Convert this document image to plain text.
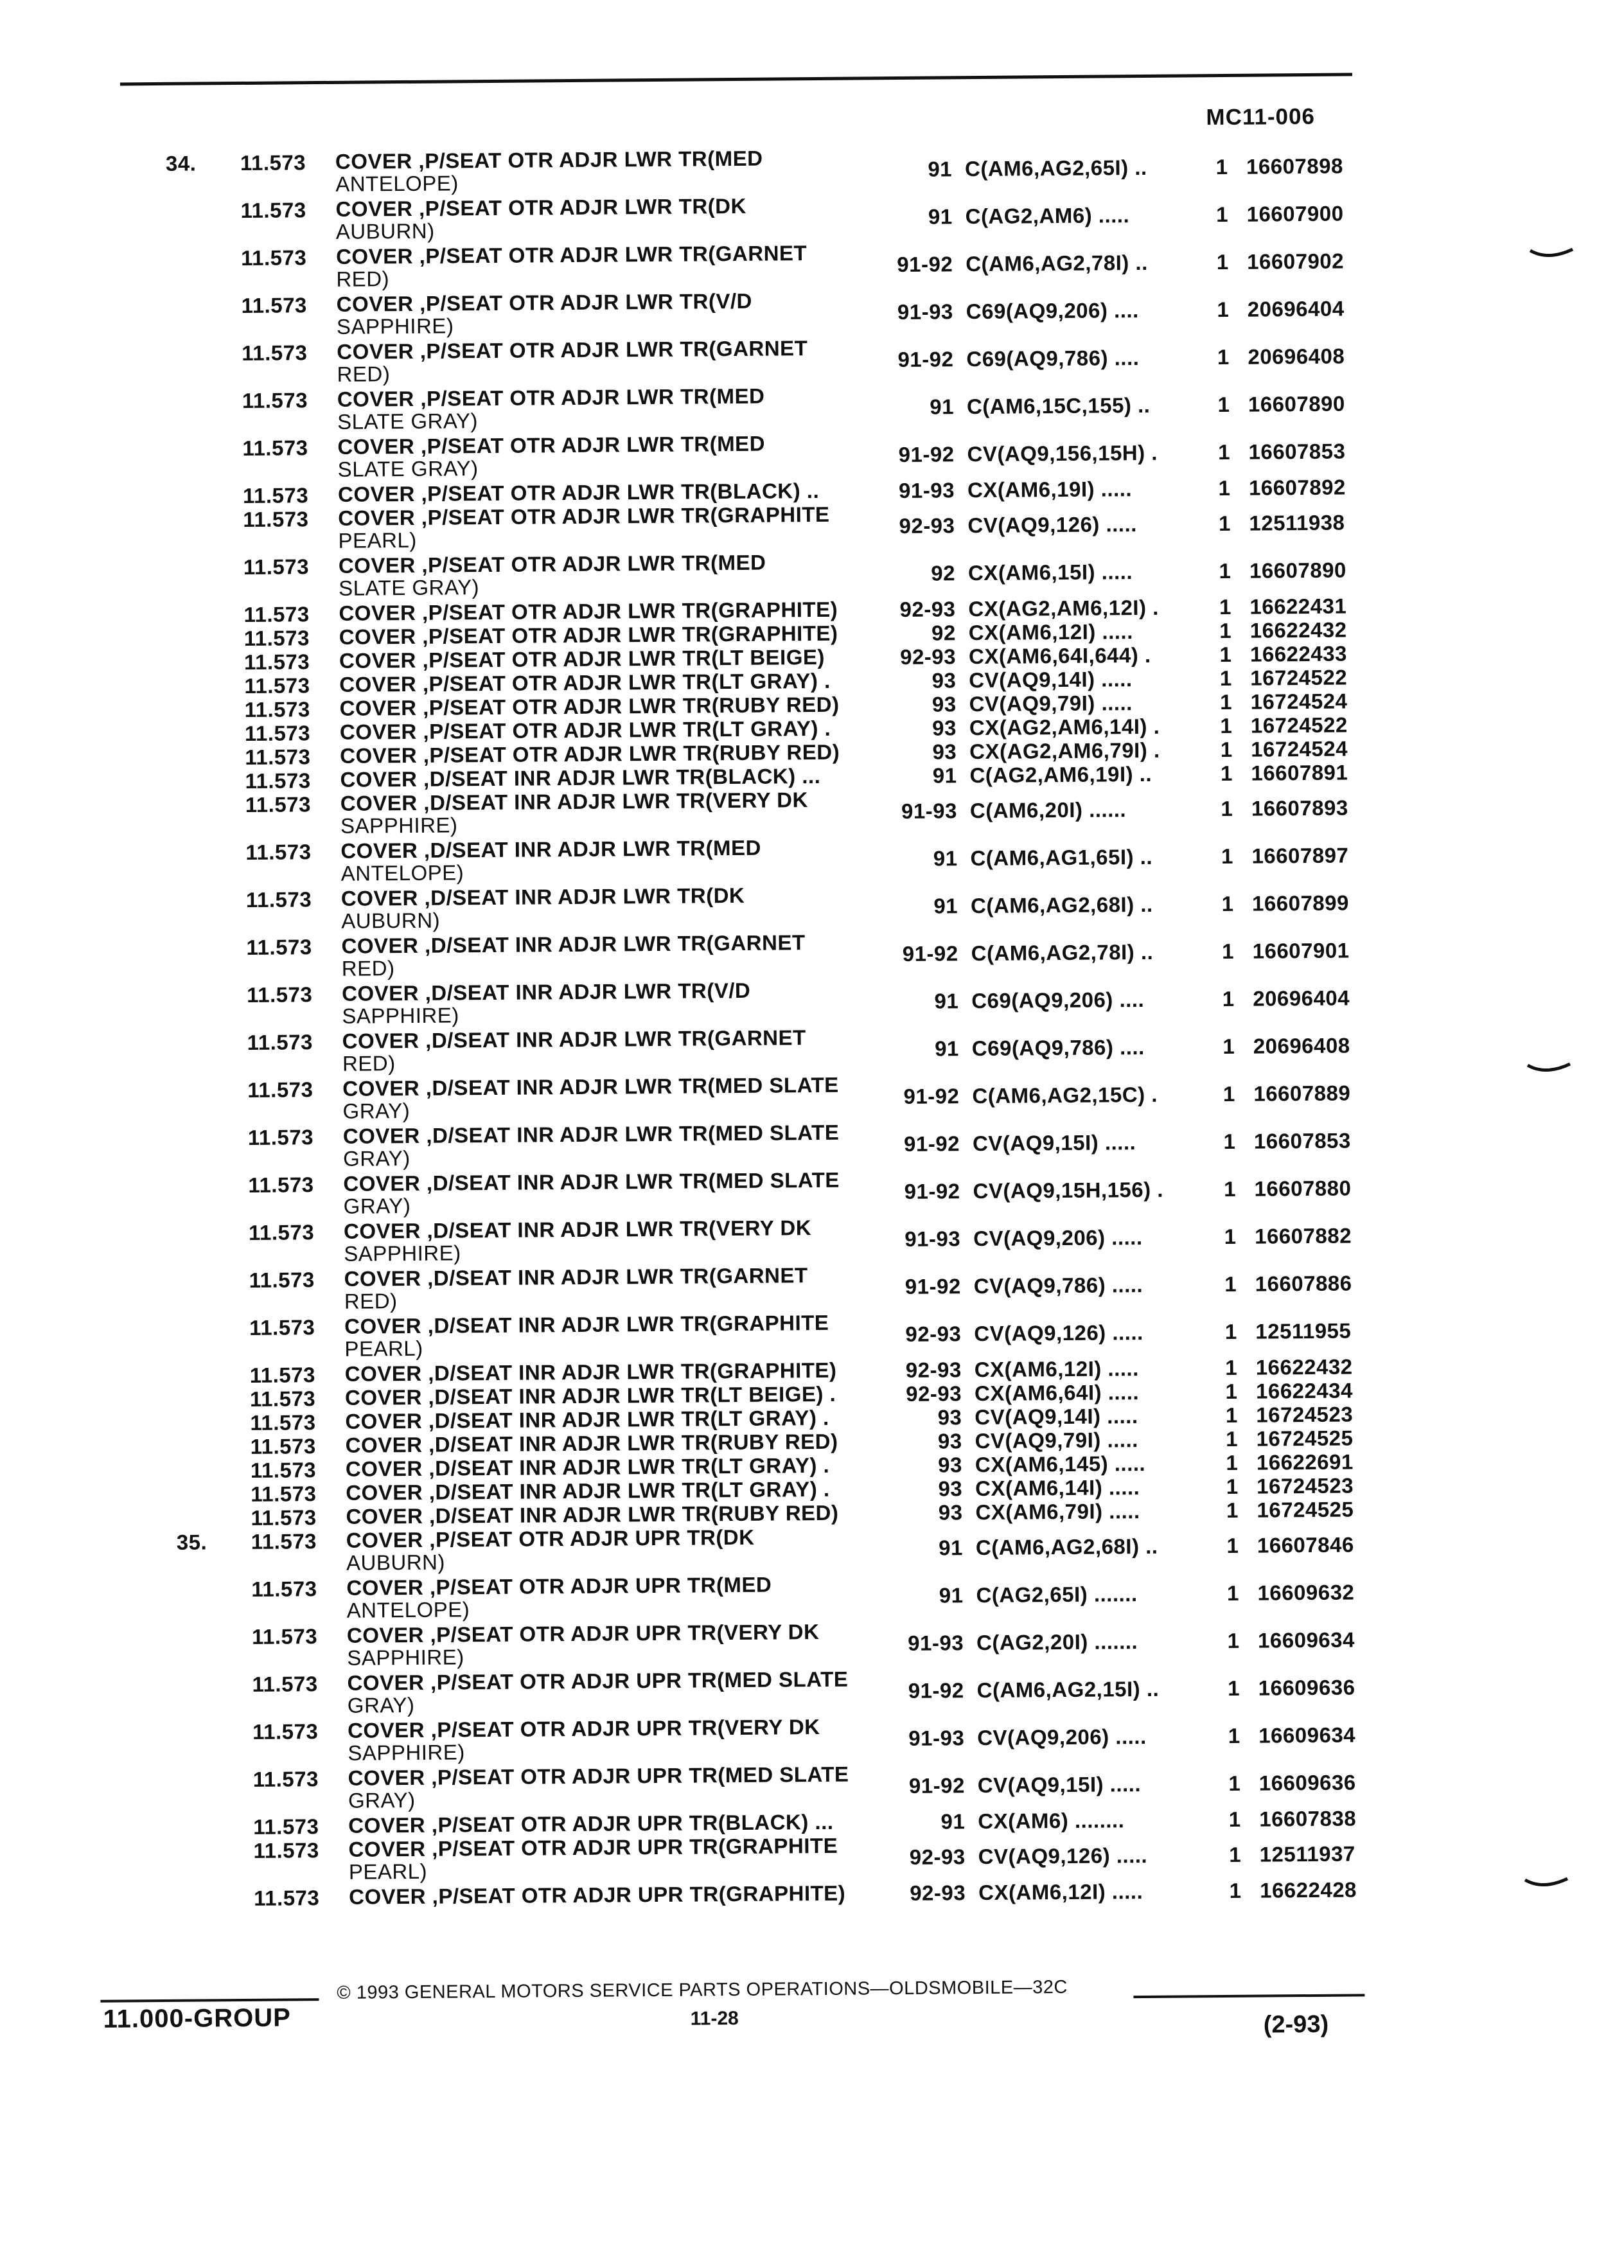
MC11-006
34. 11.573 COVER ,P/SEAT OTR ADJR LWR TR(MED
ANTELOPE)
91 C(AM6,AG2,65I) ..	1 16607898
11.573 COVER ,P/SEAT OTR ADJR LWR TR(DK
AUBURN)
91 C(AG2,AM6) .....	1 16607900
11.573 COVER ,P/SEAT OTR ADJR LWR TR(GARNET
RED)
91-92 C(AM6,AG2,78I) ..	1 16607902
11.573 COVER ,P/SEAT OTR ADJR LWR TR(V/D
SAPPHIRE)
91-93 C69(AQ9,206) ....	1 20696404
11.573 COVER ,P/SEAT OTR ADJR LWR TR(GARNET
RED)
91-92 C69(AQ9,786) ....	1 20696408
11.573 COVER ,P/SEAT OTR ADJR LWR TR(MED
SLATE GRAY)
91 C(AM6,15C,155) ..	1 16607890
11.573 COVER ,P/SEAT OTR ADJR LWR TR(MED
SLATE GRAY)
91-92 CV(AQ9,156,15H) .	1 16607853
11.573 COVER ,P/SEAT OTR ADJR LWR TR(BLACK) ..	91-93 CX(AM6,19I) .....	1 16607892
11.573 COVER ,P/SEAT OTR ADJR LWR TR(GRAPHITE
PEARL)
92-93 CV(AQ9,126) .....	1 12511938
11.573 COVER ,P/SEAT OTR ADJR LWR TR(MED
SLATE GRAY)
92 CX(AM6,15I) .....	1 16607890
11.573 COVER ,P/SEAT OTR ADJR LWR TR(GRAPHITE)	92-93 CX(AG2,AM6,12I) .	1 16622431
11.573 COVER ,P/SEAT OTR ADJR LWR TR(GRAPHITE)	92 CX(AM6,12I) .....	1 16622432
11.573 COVER ,P/SEAT OTR ADJR LWR TR(LT BEIGE)	92-93 CX(AM6,64I,644) .	1 16622433
11.573 COVER ,P/SEAT OTR ADJR LWR TR(LT GRAY) .	93 CV(AQ9,14I) .....	1 16724522
11.573 COVER ,P/SEAT OTR ADJR LWR TR(RUBY RED)	93 CV(AQ9,79I) .....	1 16724524
11.573 COVER ,P/SEAT OTR ADJR LWR TR(LT GRAY) .	93 CX(AG2,AM6,14I) .	1 16724522
11.573 COVER ,P/SEAT OTR ADJR LWR TR(RUBY RED)	93 CX(AG2,AM6,79I) .	1 16724524
11.573 COVER ,D/SEAT INR ADJR LWR TR(BLACK) ...	91 C(AG2,AM6,19I) ..	1 16607891
11.573 COVER ,D/SEAT INR ADJR LWR TR(VERY DK
SAPPHIRE)
91-93 C(AM6,20I) ......	1 16607893
11.573 COVER ,D/SEAT INR ADJR LWR TR(MED
ANTELOPE)
91 C(AM6,AG1,65I) ..	1 16607897
11.573 COVER ,D/SEAT INR ADJR LWR TR(DK
AUBURN)
91 C(AM6,AG2,68I) ..	1 16607899
11.573 COVER ,D/SEAT INR ADJR LWR TR(GARNET
RED)
91-92 C(AM6,AG2,78I) ..	1 16607901
11.573 COVER ,D/SEAT INR ADJR LWR TR(V/D
SAPPHIRE)
91 C69(AQ9,206) ....	1 20696404
11.573 COVER ,D/SEAT INR ADJR LWR TR(GARNET
RED)
91 C69(AQ9,786) ....	1 20696408
11.573 COVER ,D/SEAT INR ADJR LWR TR(MED SLATE
GRAY)
91-92 C(AM6,AG2,15C) .	1 16607889
11.573 COVER ,D/SEAT INR ADJR LWR TR(MED SLATE
GRAY)
91-92 CV(AQ9,15I) .....	1 16607853
11.573 COVER ,D/SEAT INR ADJR LWR TR(MED SLATE
GRAY)
91-92 CV(AQ9,15H,156) .	1 16607880
11.573 COVER ,D/SEAT INR ADJR LWR TR(VERY DK
SAPPHIRE)
91-93 CV(AQ9,206) .....	1 16607882
11.573 COVER ,D/SEAT INR ADJR LWR TR(GARNET
RED)
91-92 CV(AQ9,786) .....	1 16607886
11.573 COVER ,D/SEAT INR ADJR LWR TR(GRAPHITE
PEARL)
92-93 CV(AQ9,126) .....	1 12511955
11.573 COVER ,D/SEAT INR ADJR LWR TR(GRAPHITE)	92-93 CX(AM6,12I) .....	1 16622432
11.573 COVER ,D/SEAT INR ADJR LWR TR(LT BEIGE) .	92-93 CX(AM6,64I) .....	1 16622434
11.573 COVER ,D/SEAT INR ADJR LWR TR(LT GRAY) .	93 CV(AQ9,14I) .....	1 16724523
11.573 COVER ,D/SEAT INR ADJR LWR TR(RUBY RED)	93 CV(AQ9,79I) .....	1 16724525
11.573 COVER ,D/SEAT INR ADJR LWR TR(LT GRAY) .	93 CX(AM6,145) .....	1 16622691
11.573 COVER ,D/SEAT INR ADJR LWR TR(LT GRAY) .	93 CX(AM6,14I) .....	1 16724523
11.573 COVER ,D/SEAT INR ADJR LWR TR(RUBY RED)	93 CX(AM6,79I) .....	1 16724525
35. 11.573 COVER ,P/SEAT OTR ADJR UPR TR(DK
AUBURN)
91 C(AM6,AG2,68I) ..	1 16607846
11.573 COVER ,P/SEAT OTR ADJR UPR TR(MED
ANTELOPE)
91 C(AG2,65I) .......	1 16609632
11.573 COVER ,P/SEAT OTR ADJR UPR TR(VERY DK
SAPPHIRE)
91-93 C(AG2,20I) .......	1 16609634
11.573 COVER ,P/SEAT OTR ADJR UPR TR(MED SLATE
GRAY)
91-92 C(AM6,AG2,15I) ..	1 16609636
11.573 COVER ,P/SEAT OTR ADJR UPR TR(VERY DK
SAPPHIRE)
91-93 CV(AQ9,206) .....	1 16609634
11.573 COVER ,P/SEAT OTR ADJR UPR TR(MED SLATE
GRAY)
91-92 CV(AQ9,15I) .....	1 16609636
11.573 COVER ,P/SEAT OTR ADJR UPR TR(BLACK) ...	91 CX(AM6) ........	1 16607838
11.573 COVER ,P/SEAT OTR ADJR UPR TR(GRAPHITE
PEARL)
92-93 CV(AQ9,126) .....	1 12511937
11.573 COVER ,P/SEAT OTR ADJR UPR TR(GRAPHITE)	92-93 CX(AM6,12I) .....	1 16622428
11.000-GROUP
© 1993 GENERAL MOTORS SERVICE PARTS OPERATIONS—OLDSMOBILE—32C
11-28	(2-93)
